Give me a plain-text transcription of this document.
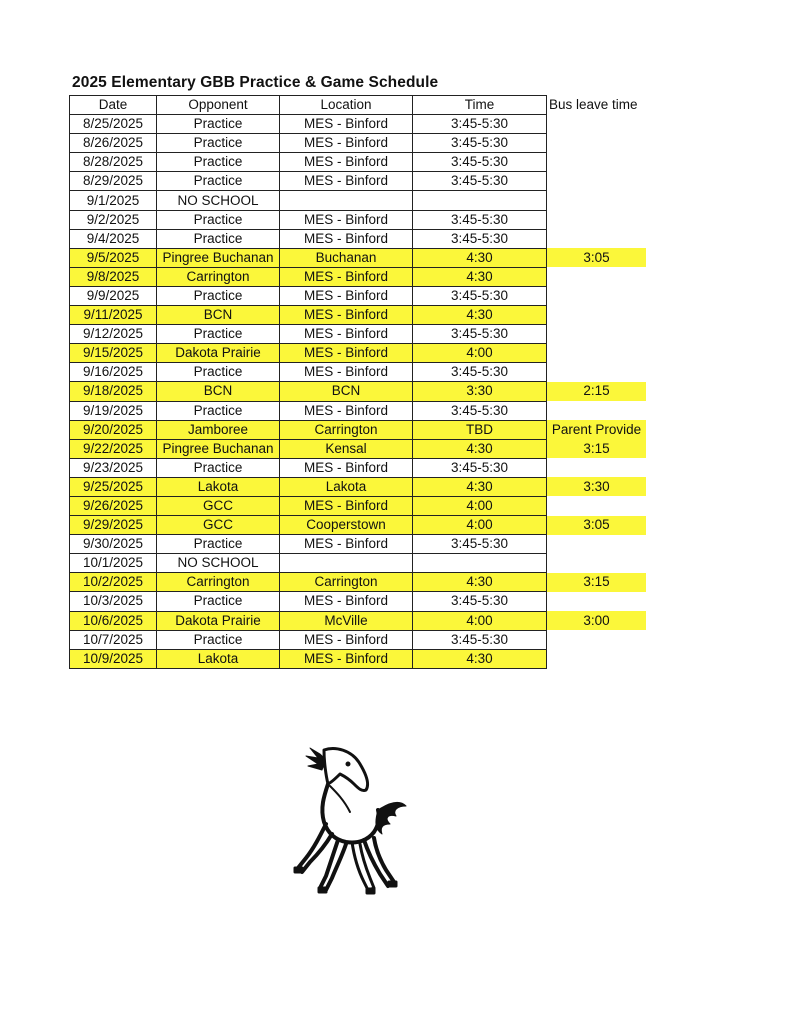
2025 Elementary GBB Practice & Game Schedule
Date	Opponent	Location	Time	Bus leave time
8/25/2025	Practice	MES - Binford	3:45-5:30	
8/26/2025	Practice	MES - Binford	3:45-5:30	
8/28/2025	Practice	MES - Binford	3:45-5:30	
8/29/2025	Practice	MES - Binford	3:45-5:30	
9/1/2025	NO SCHOOL			
9/2/2025	Practice	MES - Binford	3:45-5:30	
9/4/2025	Practice	MES - Binford	3:45-5:30	
9/5/2025	Pingree Buchanan	Buchanan	4:30	3:05
9/8/2025	Carrington	MES - Binford	4:30	
9/9/2025	Practice	MES - Binford	3:45-5:30	
9/11/2025	BCN	MES - Binford	4:30	
9/12/2025	Practice	MES - Binford	3:45-5:30	
9/15/2025	Dakota Prairie	MES - Binford	4:00	
9/16/2025	Practice	MES - Binford	3:45-5:30	
9/18/2025	BCN	BCN	3:30	2:15
9/19/2025	Practice	MES - Binford	3:45-5:30	
9/20/2025	Jamboree	Carrington	TBD	Parent Provide
9/22/2025	Pingree Buchanan	Kensal	4:30	3:15
9/23/2025	Practice	MES - Binford	3:45-5:30	
9/25/2025	Lakota	Lakota	4:30	3:30
9/26/2025	GCC	MES - Binford	4:00	
9/29/2025	GCC	Cooperstown	4:00	3:05
9/30/2025	Practice	MES - Binford	3:45-5:30	
10/1/2025	NO SCHOOL			
10/2/2025	Carrington	Carrington	4:30	3:15
10/3/2025	Practice	MES - Binford	3:45-5:30	
10/6/2025	Dakota Prairie	McVille	4:00	3:00
10/7/2025	Practice	MES - Binford	3:45-5:30	
10/9/2025	Lakota	MES - Binford	4:30	
